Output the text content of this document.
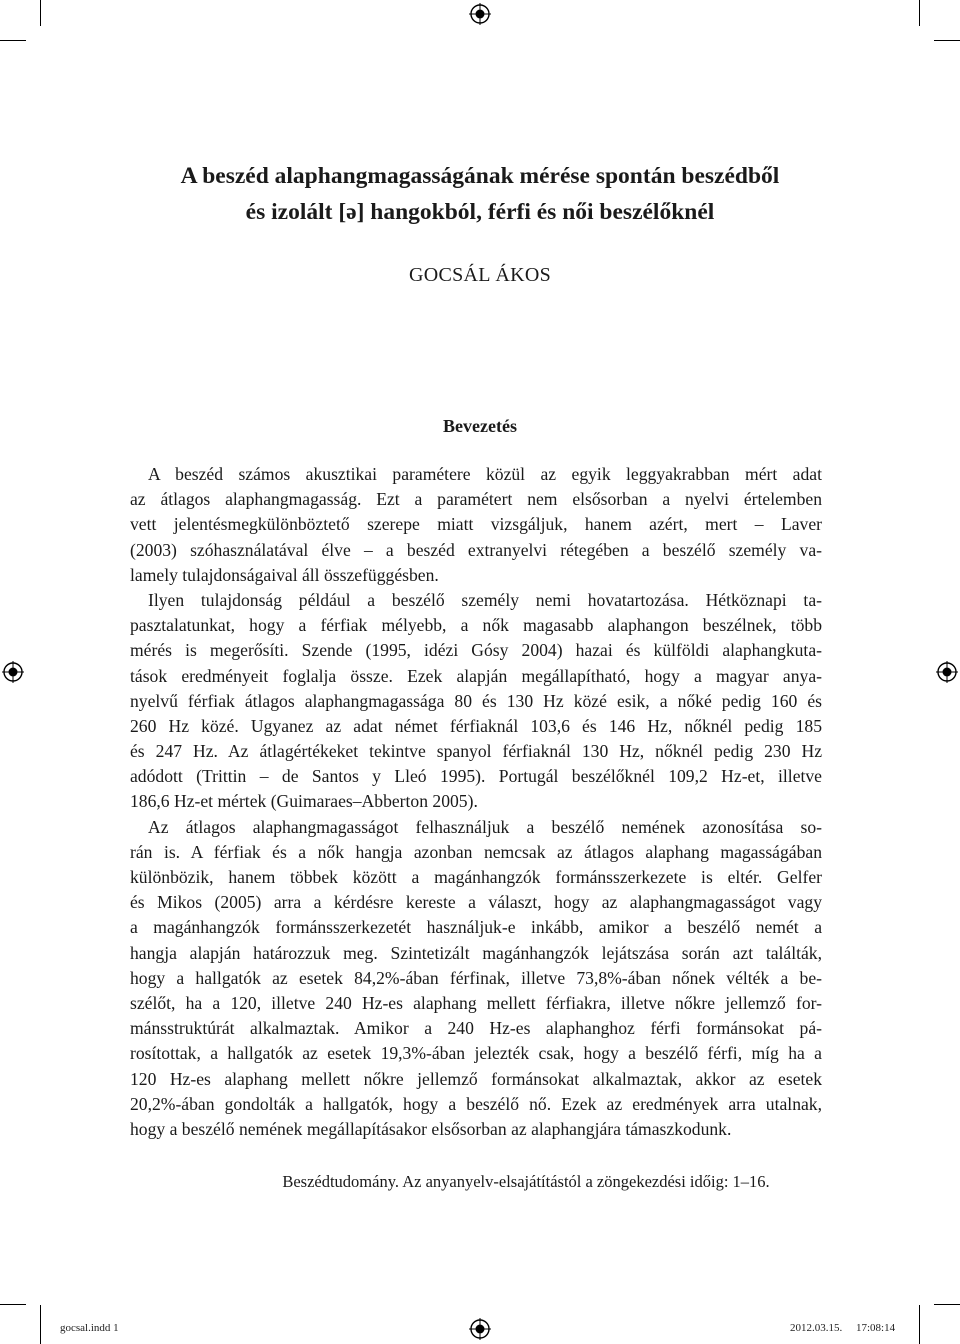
A beszéd alaphangmagasságának mérése spontán beszédből
és izolált [ə] hangokból, férfi és női beszélőknél
GOCSÁL ÁKOS
Bevezetés
A beszéd számos akusztikai paramétere közül az egyik leggyakrabban mért adat
az átlagos alaphangmagasság. Ezt a paramétert nem elsősorban a nyelvi értelemben
vett jelentésmegkülönböztető szerepe miatt vizsgáljuk, hanem azért, mert – Laver
(2003) szóhasználatával élve – a beszéd extranyelvi rétegében a beszélő személy va-
lamely tulajdonságaival áll összefüggésben.
Ilyen tulajdonság például a beszélő személy nemi hovatartozása. Hétköznapi ta-
pasztalatunkat, hogy a férfiak mélyebb, a nők magasabb alaphangon beszélnek, több
mérés is megerősíti. Szende (1995, idézi Gósy 2004) hazai és külföldi alaphangkuta-
tások eredményeit foglalja össze. Ezek alapján megállapítható, hogy a magyar anya-
nyelvű férfiak átlagos alaphangmagassága 80 és 130 Hz közé esik, a nőké pedig 160 és
260 Hz közé. Ugyanez az adat német férfiaknál 103,6 és 146 Hz, nőknél pedig 185
és 247 Hz. Az átlagértékeket tekintve spanyol férfiaknál 130 Hz, nőknél pedig 230 Hz
adódott (Trittin – de Santos y Lleó 1995). Portugál beszélőknél 109,2 Hz-et, illetve
186,6 Hz-et mértek (Guimaraes–Abberton 2005).
Az átlagos alaphangmagasságot felhasználjuk a beszélő nemének azonosítása so-
rán is. A férfiak és a nők hangja azonban nemcsak az átlagos alaphang magasságában
különbözik, hanem többek között a magánhangzók formánsszerkezete is eltér. Gelfer
és Mikos (2005) arra a kérdésre kereste a választ, hogy az alaphangmagasságot vagy
a magánhangzók formánsszerkezetét használjuk-e inkább, amikor a beszélő nemét a
hangja alapján határozzuk meg. Szintetizált magánhangzók lejátszása során azt találták,
hogy a hallgatók az esetek 84,2%-ában férfinak, illetve 73,8%-ában nőnek vélték a be-
szélőt, ha a 120, illetve 240 Hz-es alaphang mellett férfiakra, illetve nőkre jellemző for-
mánsstruktúrát alkalmaztak. Amikor a 240 Hz-es alaphanghoz férfi formánsokat pá-
rosítottak, a hallgatók az esetek 19,3%-ában jelezték csak, hogy a beszélő férfi, míg ha a
120 Hz-es alaphang mellett nőkre jellemző formánsokat alkalmaztak, akkor az esetek
20,2%-ában gondolták a hallgatók, hogy a beszélő nő. Ezek az eredmények arra utalnak,
hogy a beszélő nemének megállapításakor elsősorban az alaphangjára támaszkodunk.
Beszédtudomány. Az anyanyelv-elsajátítástól a zöngekezdési időig: 1–16.
gocsal.indd 1	2012.03.15. 17:08:14
